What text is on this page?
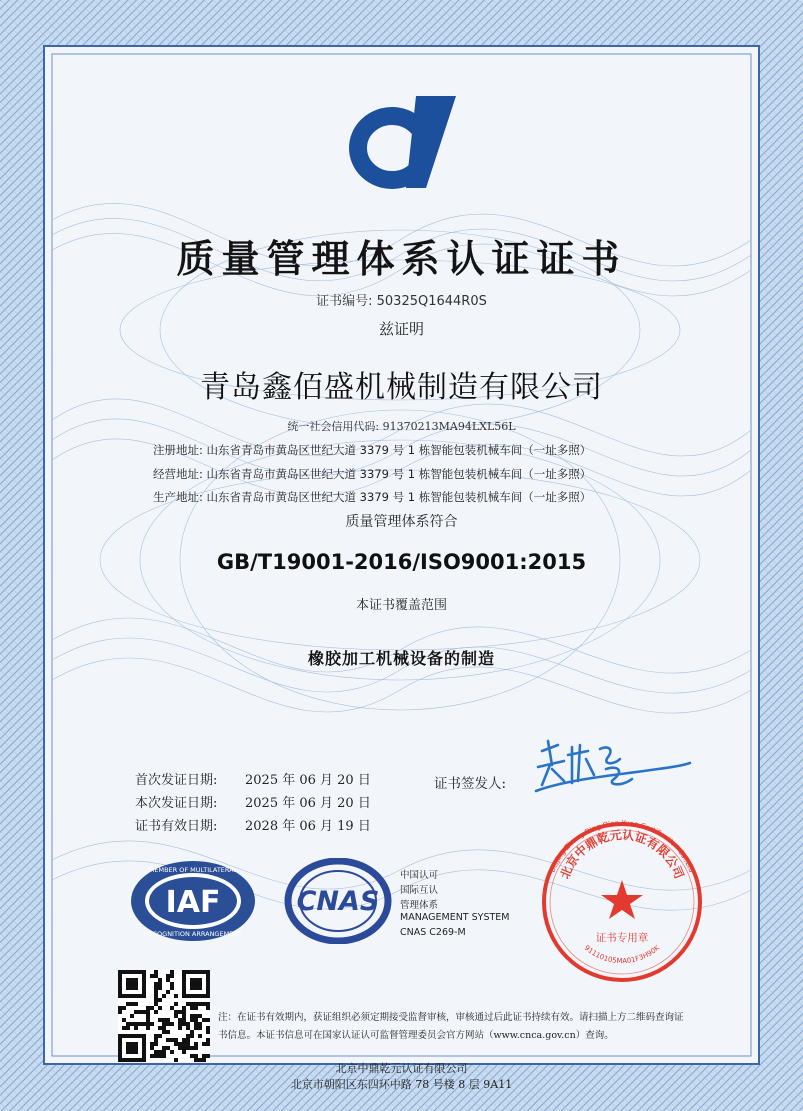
质量管理体系认证证书
证书编号: 50325Q1644R0S
兹证明
青岛鑫佰盛机械制造有限公司
统一社会信用代码: 91370213MA94LXL56L
注册地址: 山东省青岛市黄岛区世纪大道 3379 号 1 栋智能包装机械车间（一址多照）
经营地址: 山东省青岛市黄岛区世纪大道 3379 号 1 栋智能包装机械车间（一址多照）
生产地址: 山东省青岛市黄岛区世纪大道 3379 号 1 栋智能包装机械车间（一址多照）
质量管理体系符合
GB/T19001-2016/ISO9001:2015
本证书覆盖范围
橡胶加工机械设备的制造
首次发证日期: 2025 年 06 月 20 日
本次发证日期: 2025 年 06 月 20 日
证书有效日期: 2028 年 06 月 19 日
证书签发人:
IAF
MEMBER OF MULTILATERAL
RECOGNITION ARRANGEMENT
CNAS
中国认可
国际互认
管理体系
MANAGEMENT SYSTEM
CNAS C269-M
Beijing Zhong Ding Qian Yuan Certification Co.,Ltd
北京中鼎乾元认证有限公司
证书专用章
91110105MA01F3H90K
注：在证书有效期内，获证组织必须定期接受监督审核，审核通过后此证书持续有效。请扫描上方二维码查询证书信息。本证书信息可在国家认证认可监督管理委员会官方网站（www.cnca.gov.cn）查询。
北京中鼎乾元认证有限公司
北京市朝阳区东四环中路 78 号楼 8 层 9A11
